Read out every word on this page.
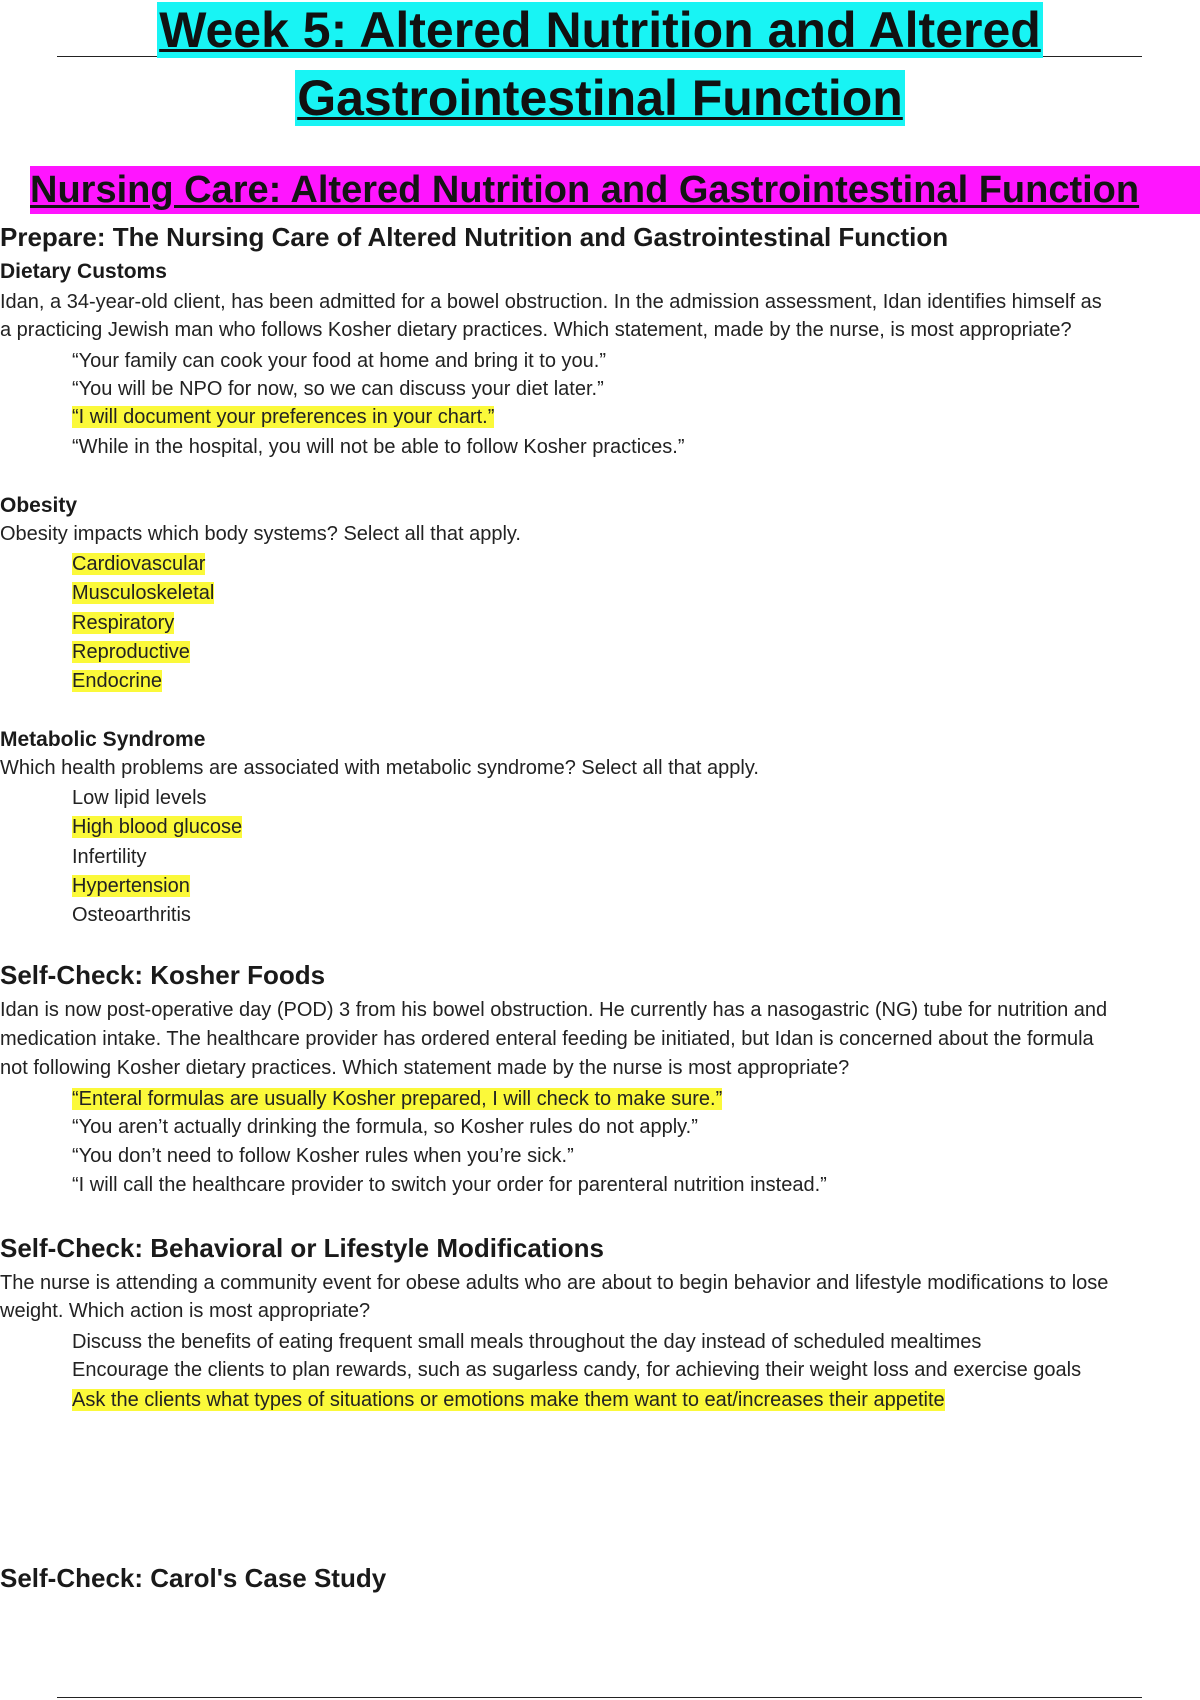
Week 5: Altered Nutrition and Altered
Gastrointestinal Function
Nursing Care: Altered Nutrition and Gastrointestinal Function
Prepare: The Nursing Care of Altered Nutrition and Gastrointestinal Function
Dietary Customs
Idan, a 34-year-old client, has been admitted for a bowel obstruction. In the admission assessment, Idan identifies himself as
a practicing Jewish man who follows Kosher dietary practices. Which statement, made by the nurse, is most appropriate?
“Your family can cook your food at home and bring it to you.”
“You will be NPO for now, so we can discuss your diet later.”
“I will document your preferences in your chart.”
“While in the hospital, you will not be able to follow Kosher practices.”
Obesity
Obesity impacts which body systems? Select all that apply.
Cardiovascular
Musculoskeletal
Respiratory
Reproductive
Endocrine
Metabolic Syndrome
Which health problems are associated with metabolic syndrome? Select all that apply.
Low lipid levels
High blood glucose
Infertility
Hypertension
Osteoarthritis
Self-Check: Kosher Foods
Idan is now post-operative day (POD) 3 from his bowel obstruction. He currently has a nasogastric (NG) tube for nutrition and
medication intake. The healthcare provider has ordered enteral feeding be initiated, but Idan is concerned about the formula
not following Kosher dietary practices. Which statement made by the nurse is most appropriate?
“Enteral formulas are usually Kosher prepared, I will check to make sure.”
“You aren’t actually drinking the formula, so Kosher rules do not apply.”
“You don’t need to follow Kosher rules when you’re sick.”
“I will call the healthcare provider to switch your order for parenteral nutrition instead.”
Self-Check: Behavioral or Lifestyle Modifications
The nurse is attending a community event for obese adults who are about to begin behavior and lifestyle modifications to lose
weight. Which action is most appropriate?
Discuss the benefits of eating frequent small meals throughout the day instead of scheduled mealtimes
Encourage the clients to plan rewards, such as sugarless candy, for achieving their weight loss and exercise goals
Ask the clients what types of situations or emotions make them want to eat/increases their appetite
Self-Check: Carol's Case Study
